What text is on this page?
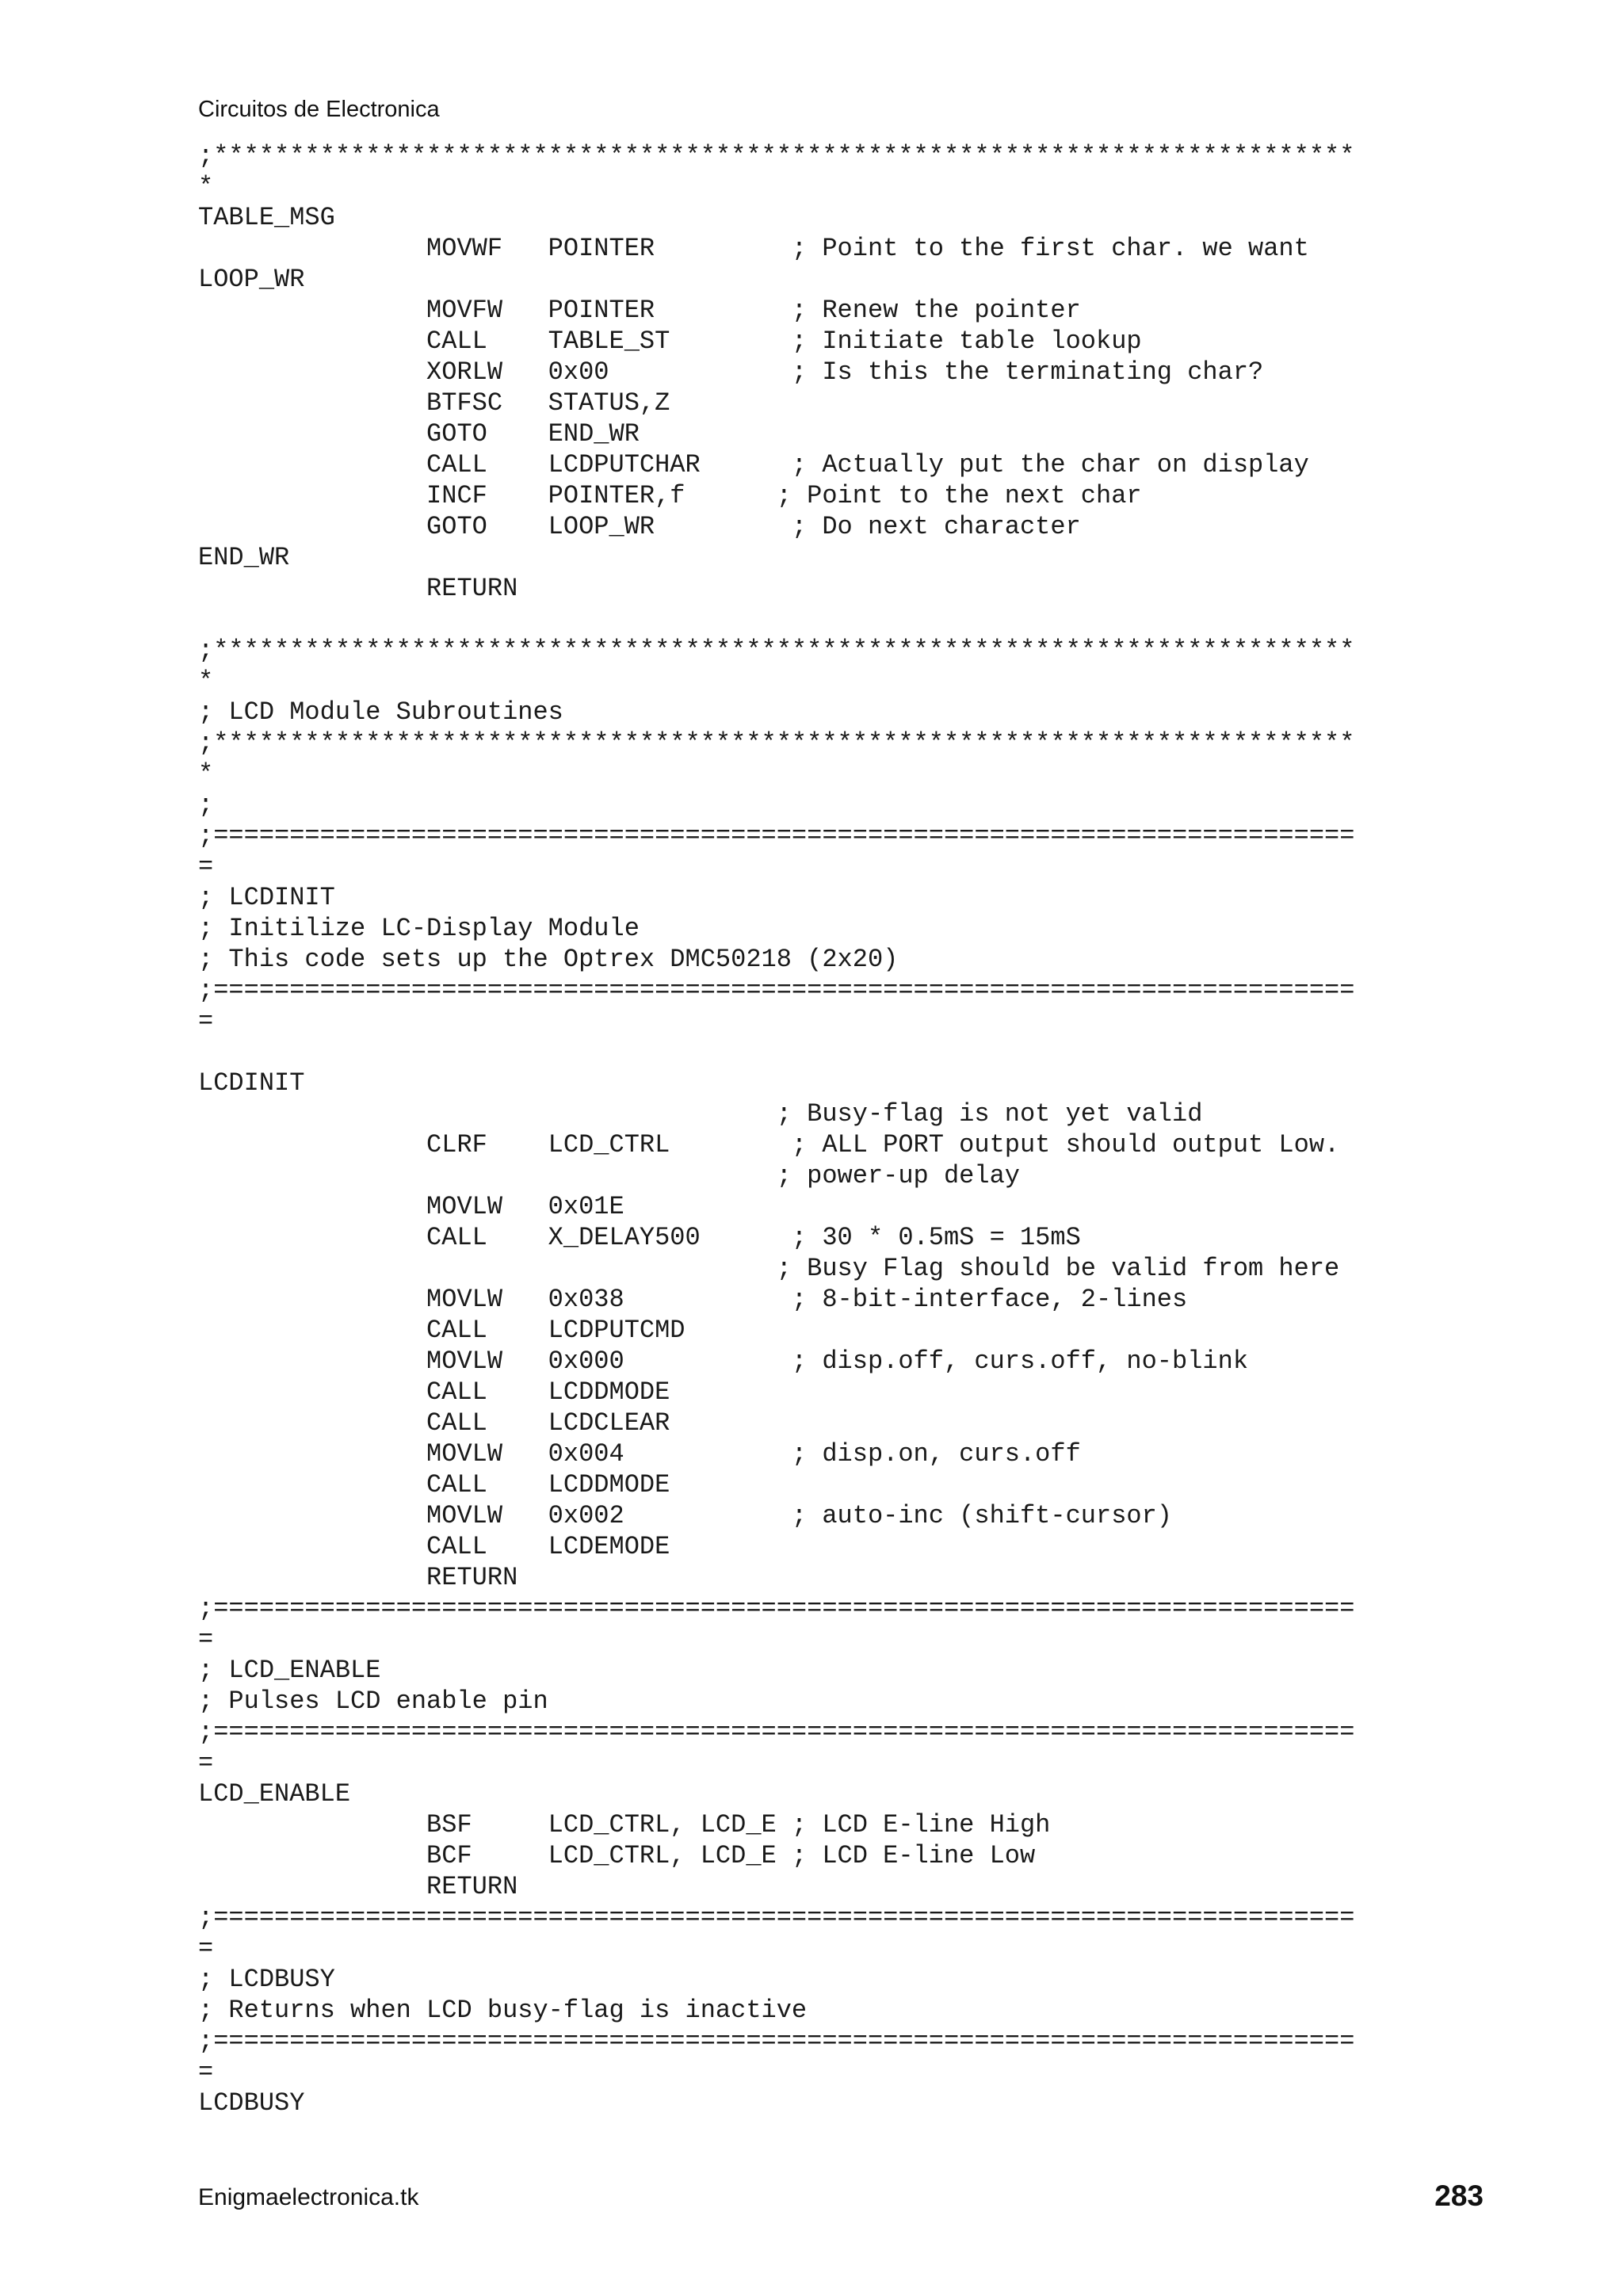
Circuitos de Electronica
;***************************************************************************
*
TABLE_MSG
MOVWF   POINTER         ; Point to the first char. we want
LOOP_WR
MOVFW   POINTER         ; Renew the pointer
CALL    TABLE_ST        ; Initiate table lookup
XORLW   0x00            ; Is this the terminating char?
BTFSC   STATUS,Z
GOTO    END_WR
CALL    LCDPUTCHAR      ; Actually put the char on display
INCF    POINTER,f      ; Point to the next char
GOTO    LOOP_WR         ; Do next character
END_WR
RETURN
;***************************************************************************
*
; LCD Module Subroutines
;***************************************************************************
*
;
;===========================================================================
=
; LCDINIT
; Initilize LC-Display Module
; This code sets up the Optrex DMC50218 (2x20)
;===========================================================================
=
LCDINIT
; Busy-flag is not yet valid
CLRF    LCD_CTRL        ; ALL PORT output should output Low.
; power-up delay
MOVLW   0x01E
CALL    X_DELAY500      ; 30 * 0.5mS = 15mS
; Busy Flag should be valid from here
MOVLW   0x038           ; 8-bit-interface, 2-lines
CALL    LCDPUTCMD
MOVLW   0x000           ; disp.off, curs.off, no-blink
CALL    LCDDMODE
CALL    LCDCLEAR
MOVLW   0x004           ; disp.on, curs.off
CALL    LCDDMODE
MOVLW   0x002           ; auto-inc (shift-cursor)
CALL    LCDEMODE
RETURN
;===========================================================================
=
; LCD_ENABLE
; Pulses LCD enable pin
;===========================================================================
=
LCD_ENABLE
BSF     LCD_CTRL, LCD_E ; LCD E-line High
BCF     LCD_CTRL, LCD_E ; LCD E-line Low
RETURN
;===========================================================================
=
; LCDBUSY
; Returns when LCD busy-flag is inactive
;===========================================================================
=
LCDBUSY
Enigmaelectronica.tk	283
